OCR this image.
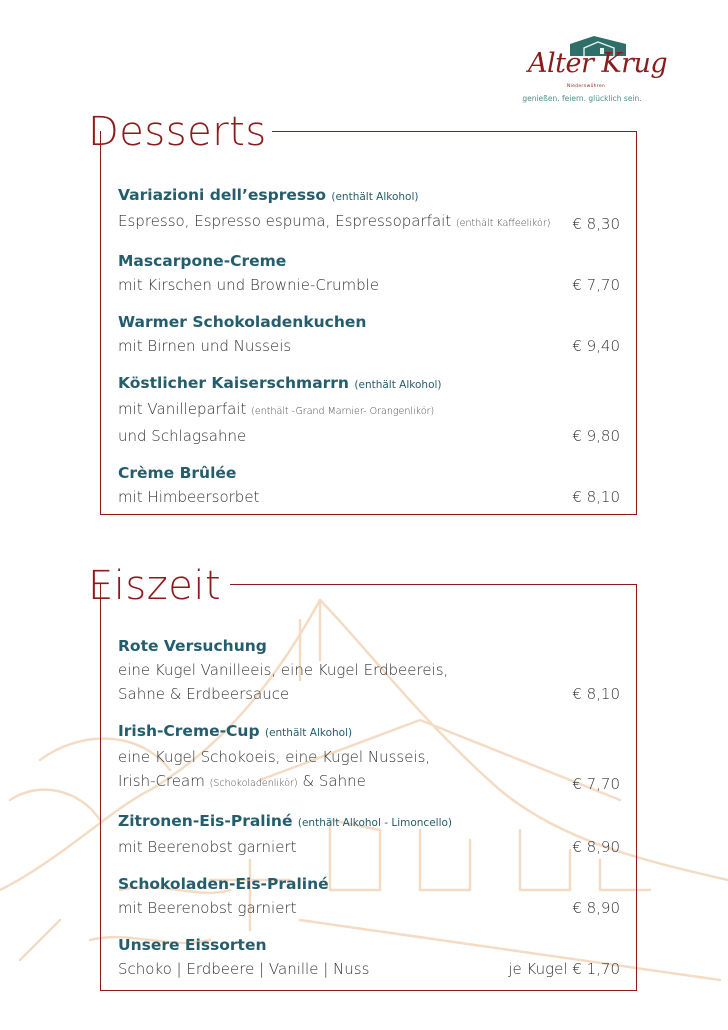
Alter Krug
Niedernwöhren
genießen. feiern. glücklich sein.
Desserts
Variazioni dell’espresso (enthält Alkohol)
Espresso, Espresso espuma, Espressoparfait (enthält Kaffeelikör)	€ 8,30
Mascarpone-Creme
mit Kirschen und Brownie-Crumble	€ 7,70
Warmer Schokoladenkuchen
mit Birnen und Nusseis	€ 9,40
Köstlicher Kaiserschmarrn (enthält Alkohol)
mit Vanilleparfait (enthält -Grand Marnier- Orangenlikör)
und Schlagsahne	€ 9,80
Crème Brûlée
mit Himbeersorbet	€ 8,10
Eiszeit
Rote Versuchung
eine Kugel Vanilleeis, eine Kugel Erdbeereis,
Sahne & Erdbeersauce	€ 8,10
Irish-Creme-Cup (enthält Alkohol)
eine Kugel Schokoeis, eine Kugel Nusseis,
Irish-Cream (Schokoladenlikör) & Sahne	€ 7,70
Zitronen-Eis-Praliné (enthält Alkohol - Limoncello)
mit Beerenobst garniert	€ 8,90
Schokoladen-Eis-Praliné
mit Beerenobst garniert	€ 8,90
Unsere Eissorten
Schoko | Erdbeere | Vanille | Nuss	je Kugel € 1,70
